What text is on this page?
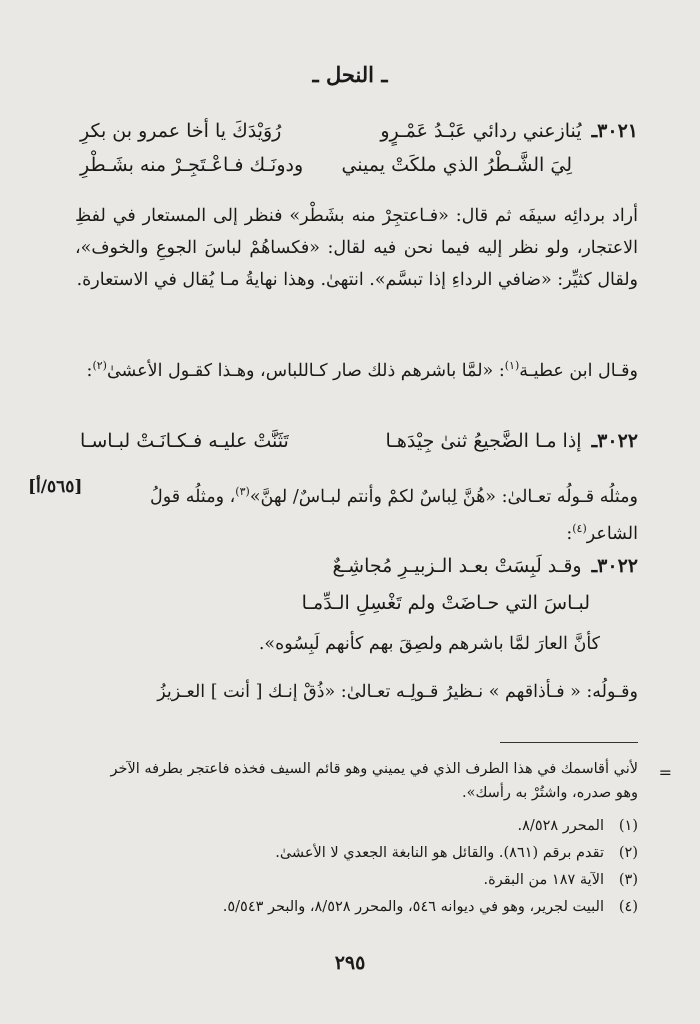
ـ النحل ـ
٣٠٢١ـ
يُنازعني ردائي عَبْـدُ عَمْـرٍو
رُوَيْدَكَ يا أخا عمرو بن بكرِ
لِيَ الشَّـطْرُ الذي ملكَتْ يميني
ودونَـك فـاعْـتَجِـرْ منه بشَـطْرِ
أراد بردائِه سيفَه ثم قال: «فـاعتجِرْ منه بشَطْر» فنظر إلى المستعار في لفظِ الاعتجار، ولو نظر إليه فيما نحن فيه لقال: «فكساهُمْ لباسَ الجوعِ والخوف»، ولقال كثيِّر: «ضافي الرداءِ إذا تبسَّم». انتهىٰ. وهذا نهايةُ مـا يُقال في الاستعارة.
وقـال ابن عطيـة$^{(١)}$: «لمَّا باشرهم ذلك صار كـاللباس، وهـذا كقـول الأعشىٰ$^{(٢)}$:
٣٠٢٢ـ
إذا مـا الضَّجيعُ ثنىٰ جِيْدَهـا
تَثَنَّتْ عليـه فـكـانَـتْ لبـاسـا
[٥٦٥/أ]	ومثلُه قـولُه تعـالىٰ: «هُنَّ لِباسٌ لكمْ وأنتم لبـاسٌ/ لهنَّ»$^{(٣)}$، ومثلُه قولُ الشاعر$^{(٤)}$:
٣٠٢٢ـ
وقـد لَبِسَتْ بعـد الـزبيـرِ مُجاشِـعٌ
لبـاسَ التي حـاضَتْ ولم تَغْسِلِ الـدِّمـا
كأنَّ العارَ لمَّا باشرهم ولصِقَ بهم كأنهم لَبِسُوه».
وقـولُه: « فـأذاقهم » نـظيرُ قـولِـه تعـالىٰ: «ذُقْ إنـك [ أنت ] العـزيزُ
=
لأني أقاسمك في هذا الطرف الذي في يميني وهو قائم السيف فخذه فاعتجر بطرفه الآخر وهو صدره، واشتُرْ به رأسك».
(١)
المحرر ٨/٥٢٨.
(٢)
تقدم برقم (٨٦١). والقائل هو النابغة الجعدي لا الأعشىٰ.
(٣)
الآية ١٨٧ من البقرة.
(٤)
البيت لجرير، وهو في ديوانه ٥٤٦، والمحرر ٨/٥٢٨، والبحر ٥/٥٤٣.
٢٩٥
